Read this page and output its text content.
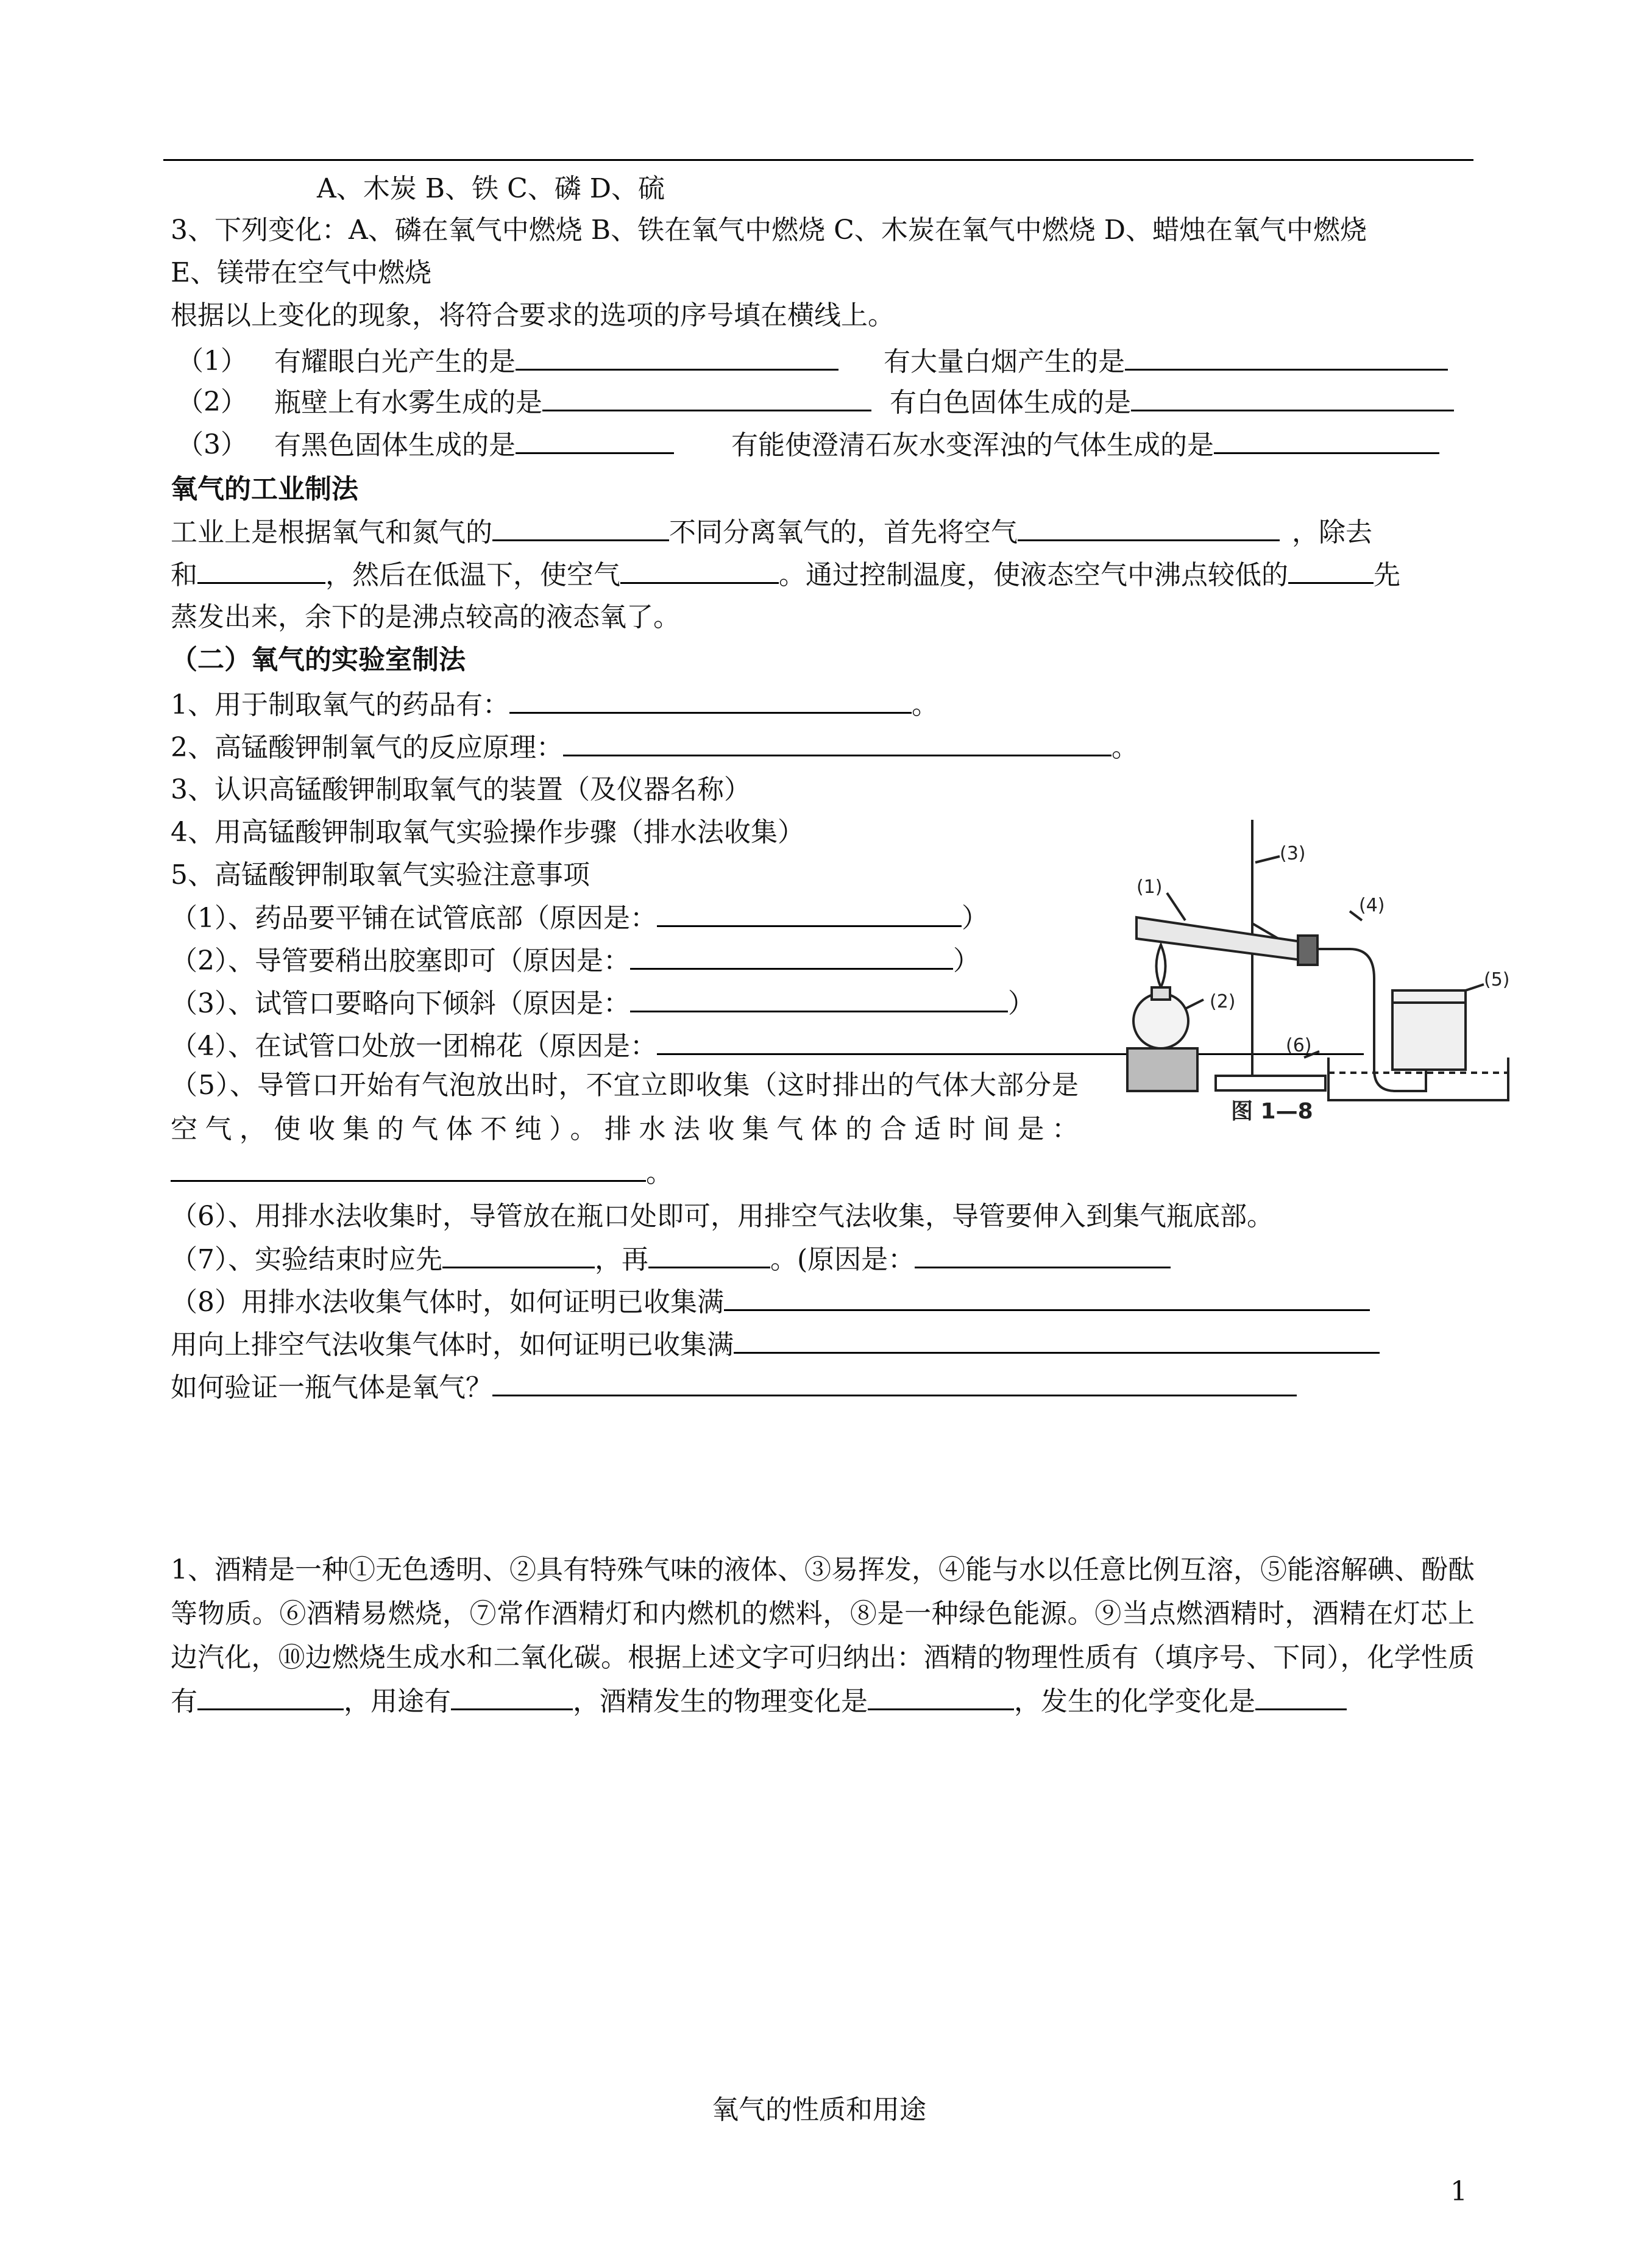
A、木炭 B、铁 C、磷 D、硫
3、下列变化：A、磷在氧气中燃烧 B、铁在氧气中燃烧 C、木炭在氧气中燃烧 D、蜡烛在氧气中燃烧
E、镁带在空气中燃烧
根据以上变化的现象，将符合要求的选项的序号填在横线上。
（1） 有耀眼白光产生的是	有大量白烟产生的是
（2） 瓶壁上有水雾生成的是	有白色固体生成的是
（3） 有黑色固体生成的是	有能使澄清石灰水变浑浊的气体生成的是
氧气的工业制法
工业上是根据氧气和氮气的	不同分离氧气的，首先将空气	，除去
和	，然后在低温下，使空气	。通过控制温度，使液态空气中沸点较低的	先
蒸发出来，余下的是沸点较高的液态氧了。
（二）氧气的实验室制法
1、用于制取氧气的药品有：	。
2、高锰酸钾制氧气的反应原理：	。
3、认识高锰酸钾制取氧气的装置（及仪器名称）
4、用高锰酸钾制取氧气实验操作步骤（排水法收集）
5、高锰酸钾制取氧气实验注意事项
（1）、药品要平铺在试管底部（原因是：	）
（2）、导管要稍出胶塞即可（原因是：	）
（3）、试管口要略向下倾斜（原因是：	）
（4）、在试管口处放一团棉花（原因是：
（5）、导管口开始有气泡放出时，不宜立即收集（这时排出的气体大部分是空气，使收集的气体不纯）。排水法收集气体的合适时间是：。
（6）、用排水法收集时，导管放在瓶口处即可，用排空气法收集，导管要伸入到集气瓶底部。
（7）、实验结束时应先	，再	。(原因是：
（8）用排水法收集气体时，如何证明已收集满
用向上排空气法收集气体时，如何证明已收集满
如何验证一瓶气体是氧气？
(1)
(2)
(3)
(4)
(5)
(6)
图 1—8
1、酒精是一种①无色透明、②具有特殊气味的液体、③易挥发，④能与水以任意比例互溶，⑤能溶解碘、酚酞等物质。⑥酒精易燃烧，⑦常作酒精灯和内燃机的燃料，⑧是一种绿色能源。⑨当点燃酒精时，酒精在灯芯上边汽化，⑩边燃烧生成水和二氧化碳。根据上述文字可归纳出：酒精的物理性质有（填序号、下同），化学性质有	，用途有	，酒精发生的物理变化是	，发生的化学变化是
氧气的性质和用途
1
